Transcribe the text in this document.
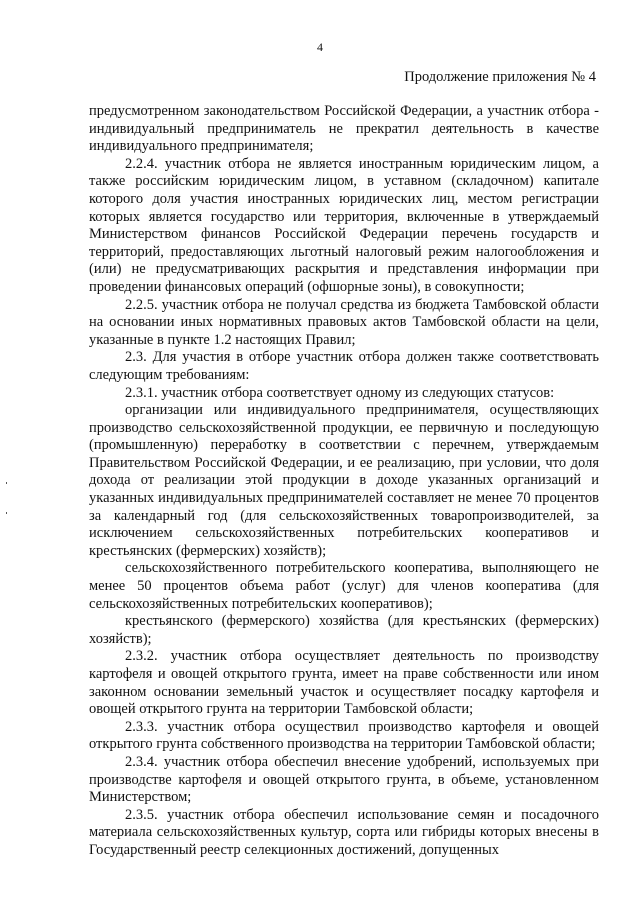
4
Продолжение приложения № 4

предусмотренном законодательством Российской Федерации, а участник отбора - индивидуальный предприниматель не прекратил деятельность в качестве индивидуального предпринимателя;

2.2.4. участник отбора не является иностранным юридическим лицом, а также российским юридическим лицом, в уставном (складочном) капитале которого доля участия иностранных юридических лиц, местом регистрации которых является государство или территория, включенные в утверждаемый Министерством финансов Российской Федерации перечень государств и территорий, предоставляющих льготный налоговый режим налогообложения и (или) не предусматривающих раскрытия и представления информации при проведении финансовых операций (офшорные зоны), в совокупности;

2.2.5. участник отбора не получал средства из бюджета Тамбовской области на основании иных нормативных правовых актов Тамбовской области на цели, указанные в пункте 1.2 настоящих Правил;

2.3. Для участия в отборе участник отбора должен также соответствовать следующим требованиям:

2.3.1. участник отбора соответствует одному из следующих статусов:

организации или индивидуального предпринимателя, осуществляющих производство сельскохозяйственной продукции, ее первичную и последующую (промышленную) переработку в соответствии с перечнем, утверждаемым Правительством Российской Федерации, и ее реализацию, при условии, что доля дохода от реализации этой продукции в доходе указанных организаций и указанных индивидуальных предпринимателей составляет не менее 70 процентов за календарный год (для сельскохозяйственных товаропроизводителей, за исключением сельскохозяйственных потребительских кооперативов и крестьянских (фермерских) хозяйств);

сельскохозяйственного потребительского кооператива, выполняющего не менее 50 процентов объема работ (услуг) для членов кооператива (для сельскохозяйственных потребительских кооперативов);

крестьянского (фермерского) хозяйства (для крестьянских (фермерских) хозяйств);

2.3.2. участник отбора осуществляет деятельность по производству картофеля и овощей открытого грунта, имеет на праве собственности или ином законном основании земельный участок и осуществляет посадку картофеля и овощей открытого грунта на территории Тамбовской области;

2.3.3. участник отбора осуществил производство картофеля и овощей открытого грунта собственного производства на территории Тамбовской области;

2.3.4. участник отбора обеспечил внесение удобрений, используемых при производстве картофеля и овощей открытого грунта, в объеме, установленном Министерством;

2.3.5. участник отбора обеспечил использование семян и посадочного материала сельскохозяйственных культур, сорта или гибриды которых внесены в Государственный реестр селекционных достижений, допущенных
